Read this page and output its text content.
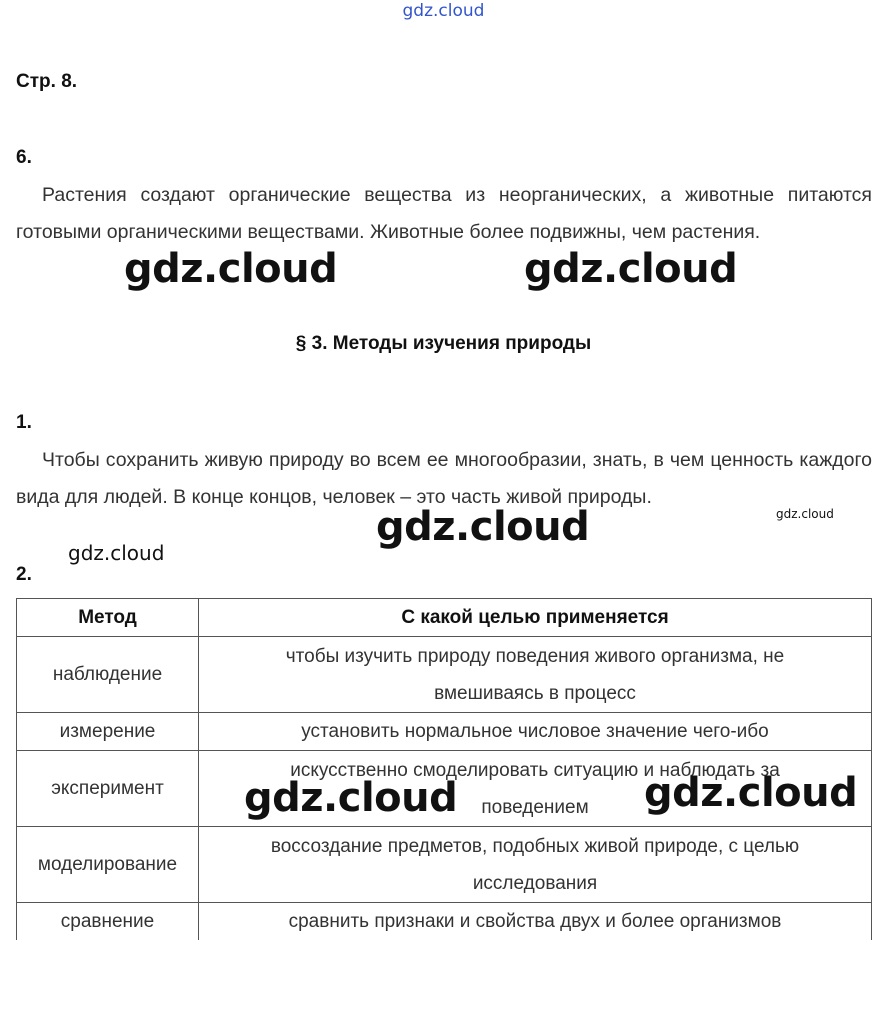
gdz.cloud
Стр. 8.
6.

Растения создают органические вещества из неорганических, а животные питаются готовыми органическими веществами. Животные более подвижны, чем растения.

§ 3. Методы изучения природы
1.

Чтобы сохранить живую природу во всем ее многообразии, знать, в чем ценность каждого вида для людей. В конце концов, человек – это часть живой природы.

2.
Метод	С какой целью применяется
наблюдение	чтобы изучить природу поведения живого организма, не вмешиваясь в процесс
измерение	установить нормальное числовое значение чего-ибо
эксперимент	искусственно смоделировать ситуацию и наблюдать за поведением
моделирование	воссоздание предметов, подобных живой природе, с целью исследования
сравнение	сравнить признаки и свойства двух и более организмов
gdz.cloud	gdz.cloud
gdz.cloud	gdz.cloud
gdz.cloud
gdz.cloud	gdz.cloud
